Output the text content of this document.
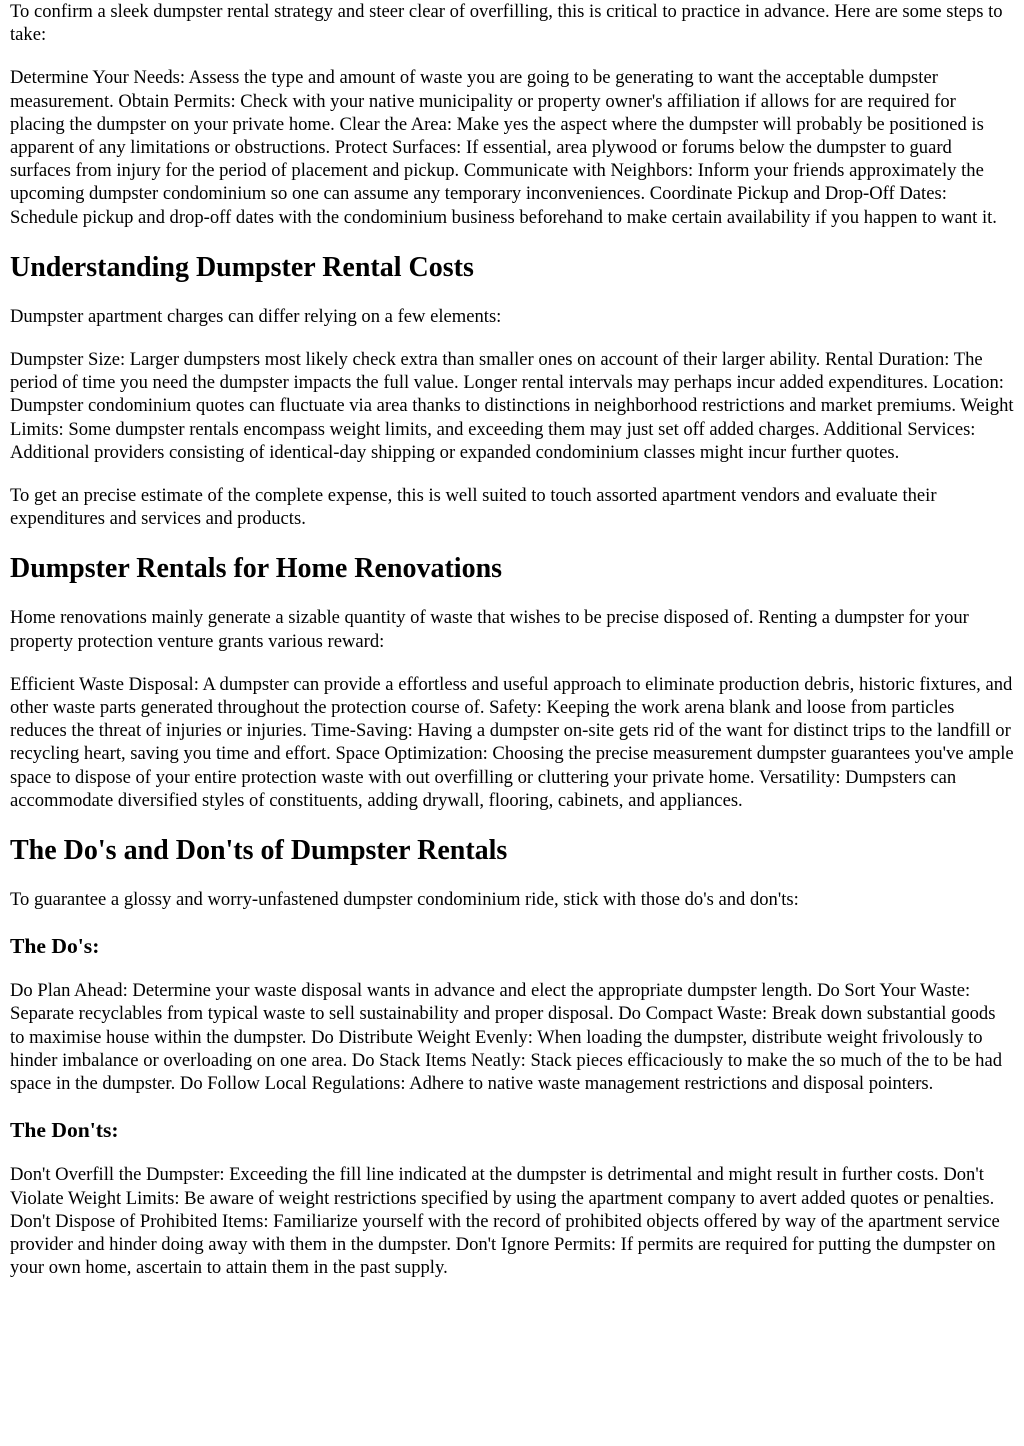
To confirm a sleek dumpster rental strategy and steer clear of overfilling, this is critical to practice in advance. Here are some steps to take:

Determine Your Needs: Assess the type and amount of waste you are going to be generating to want the acceptable dumpster measurement. Obtain Permits: Check with your native municipality or property owner's affiliation if allows for are required for placing the dumpster on your private home. Clear the Area: Make yes the aspect where the dumpster will probably be positioned is apparent of any limitations or obstructions. Protect Surfaces: If essential, area plywood or forums below the dumpster to guard surfaces from injury for the period of placement and pickup. Communicate with Neighbors: Inform your friends approximately the upcoming dumpster condominium so one can assume any temporary inconveniences. Coordinate Pickup and Drop-Off Dates: Schedule pickup and drop-off dates with the condominium business beforehand to make certain availability if you happen to want it.

Understanding Dumpster Rental Costs

Dumpster apartment charges can differ relying on a few elements:

Dumpster Size: Larger dumpsters most likely check extra than smaller ones on account of their larger ability. Rental Duration: The period of time you need the dumpster impacts the full value. Longer rental intervals may perhaps incur added expenditures. Location: Dumpster condominium quotes can fluctuate via area thanks to distinctions in neighborhood restrictions and market premiums. Weight Limits: Some dumpster rentals encompass weight limits, and exceeding them may just set off added charges. Additional Services: Additional providers consisting of identical-day shipping or expanded condominium classes might incur further quotes.

To get an precise estimate of the complete expense, this is well suited to touch assorted apartment vendors and evaluate their expenditures and services and products.

Dumpster Rentals for Home Renovations

Home renovations mainly generate a sizable quantity of waste that wishes to be precise disposed of. Renting a dumpster for your property protection venture grants various reward:

Efficient Waste Disposal: A dumpster can provide a effortless and useful approach to eliminate production debris, historic fixtures, and other waste parts generated throughout the protection course of. Safety: Keeping the work arena blank and loose from particles reduces the threat of injuries or injuries. Time-Saving: Having a dumpster on-site gets rid of the want for distinct trips to the landfill or recycling heart, saving you time and effort. Space Optimization: Choosing the precise measurement dumpster guarantees you've ample space to dispose of your entire protection waste with out overfilling or cluttering your private home. Versatility: Dumpsters can accommodate diversified styles of constituents, adding drywall, flooring, cabinets, and appliances.

The Do's and Don'ts of Dumpster Rentals

To guarantee a glossy and worry-unfastened dumpster condominium ride, stick with those do's and don'ts:

The Do's:

Do Plan Ahead: Determine your waste disposal wants in advance and elect the appropriate dumpster length. Do Sort Your Waste: Separate recyclables from typical waste to sell sustainability and proper disposal. Do Compact Waste: Break down substantial goods to maximise house within the dumpster. Do Distribute Weight Evenly: When loading the dumpster, distribute weight frivolously to hinder imbalance or overloading on one area. Do Stack Items Neatly: Stack pieces efficaciously to make the so much of the to be had space in the dumpster. Do Follow Local Regulations: Adhere to native waste management restrictions and disposal pointers.

The Don'ts:

Don't Overfill the Dumpster: Exceeding the fill line indicated at the dumpster is detrimental and might result in further costs. Don't Violate Weight Limits: Be aware of weight restrictions specified by using the apartment company to avert added quotes or penalties. Don't Dispose of Prohibited Items: Familiarize yourself with the record of prohibited objects offered by way of the apartment service provider and hinder doing away with them in the dumpster. Don't Ignore Permits: If permits are required for putting the dumpster on your own home, ascertain to attain them in the past supply.
